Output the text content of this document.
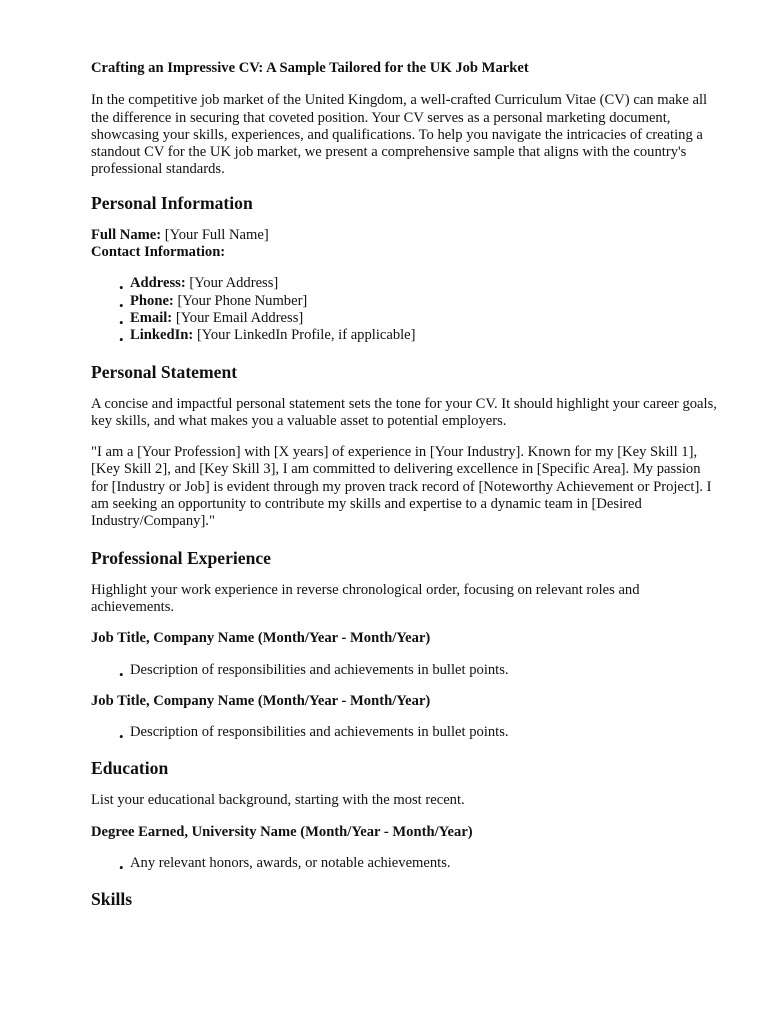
Crafting an Impressive CV: A Sample Tailored for the UK Job Market

In the competitive job market of the United Kingdom, a well-crafted Curriculum Vitae (CV) can make all the difference in securing that coveted position. Your CV serves as a personal marketing document, showcasing your skills, experiences, and qualifications. To help you navigate the intricacies of creating a standout CV for the UK job market, we present a comprehensive sample that aligns with the country's professional standards.

Personal Information
Full Name: [Your Full Name]
Contact Information:
• Address: [Your Address]
• Phone: [Your Phone Number]
• Email: [Your Email Address]
• LinkedIn: [Your LinkedIn Profile, if applicable]
Personal Statement

A concise and impactful personal statement sets the tone for your CV. It should highlight your career goals, key skills, and what makes you a valuable asset to potential employers.

"I am a [Your Profession] with [X years] of experience in [Your Industry]. Known for my [Key Skill 1], [Key Skill 2], and [Key Skill 3], I am committed to delivering excellence in [Specific Area]. My passion for [Industry or Job] is evident through my proven track record of [Noteworthy Achievement or Project]. I am seeking an opportunity to contribute my skills and expertise to a dynamic team in [Desired Industry/Company]."

Professional Experience

Highlight your work experience in reverse chronological order, focusing on relevant roles and achievements.

Job Title, Company Name (Month/Year - Month/Year)

• Description of responsibilities and achievements in bullet points.

Job Title, Company Name (Month/Year - Month/Year)

• Description of responsibilities and achievements in bullet points.
Education

List your educational background, starting with the most recent.

Degree Earned, University Name (Month/Year - Month/Year)

• Any relevant honors, awards, or notable achievements.
Skills
